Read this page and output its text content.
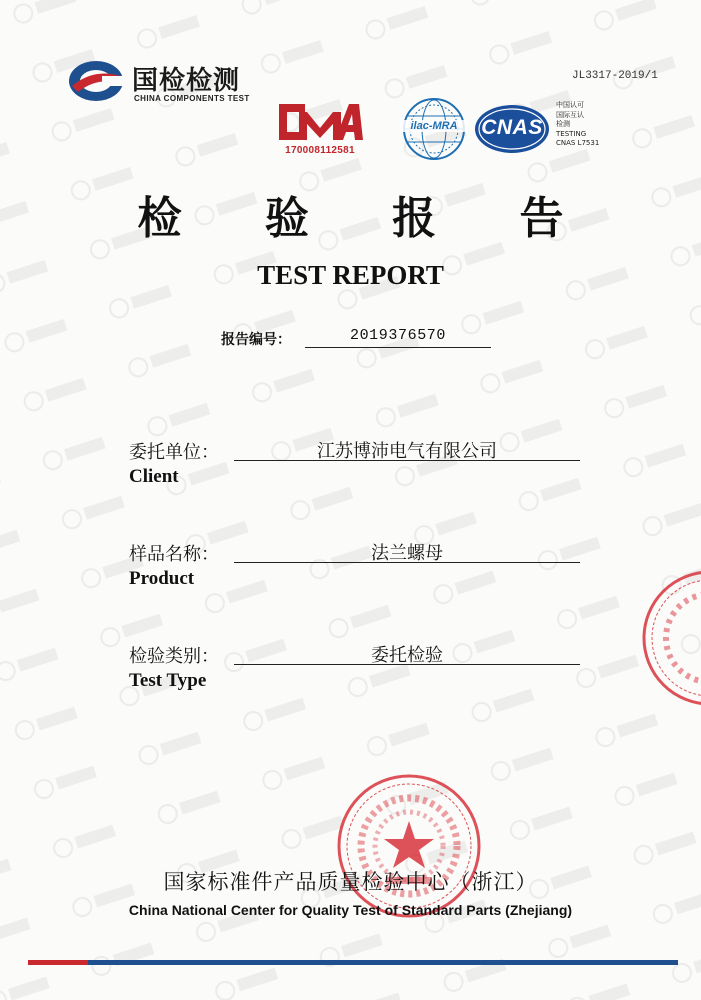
国检检测
CHINA COMPONENTS TEST
JL3317-2019/1
170008112581
ilac-MRA	CNAS
中国认可
国际互认
检测
TESTING
CNAS L7531
检 验 报 告
TEST REPORT
报告编号：	2019376570
委托单位：	江苏博沛电气有限公司
Client
样品名称：	法兰螺母
Product
检验类别：	委托检验
Test Type
国家标准件产品质量检验中心（浙江）
China National Center for Quality Test of Standard Parts (Zhejiang)
